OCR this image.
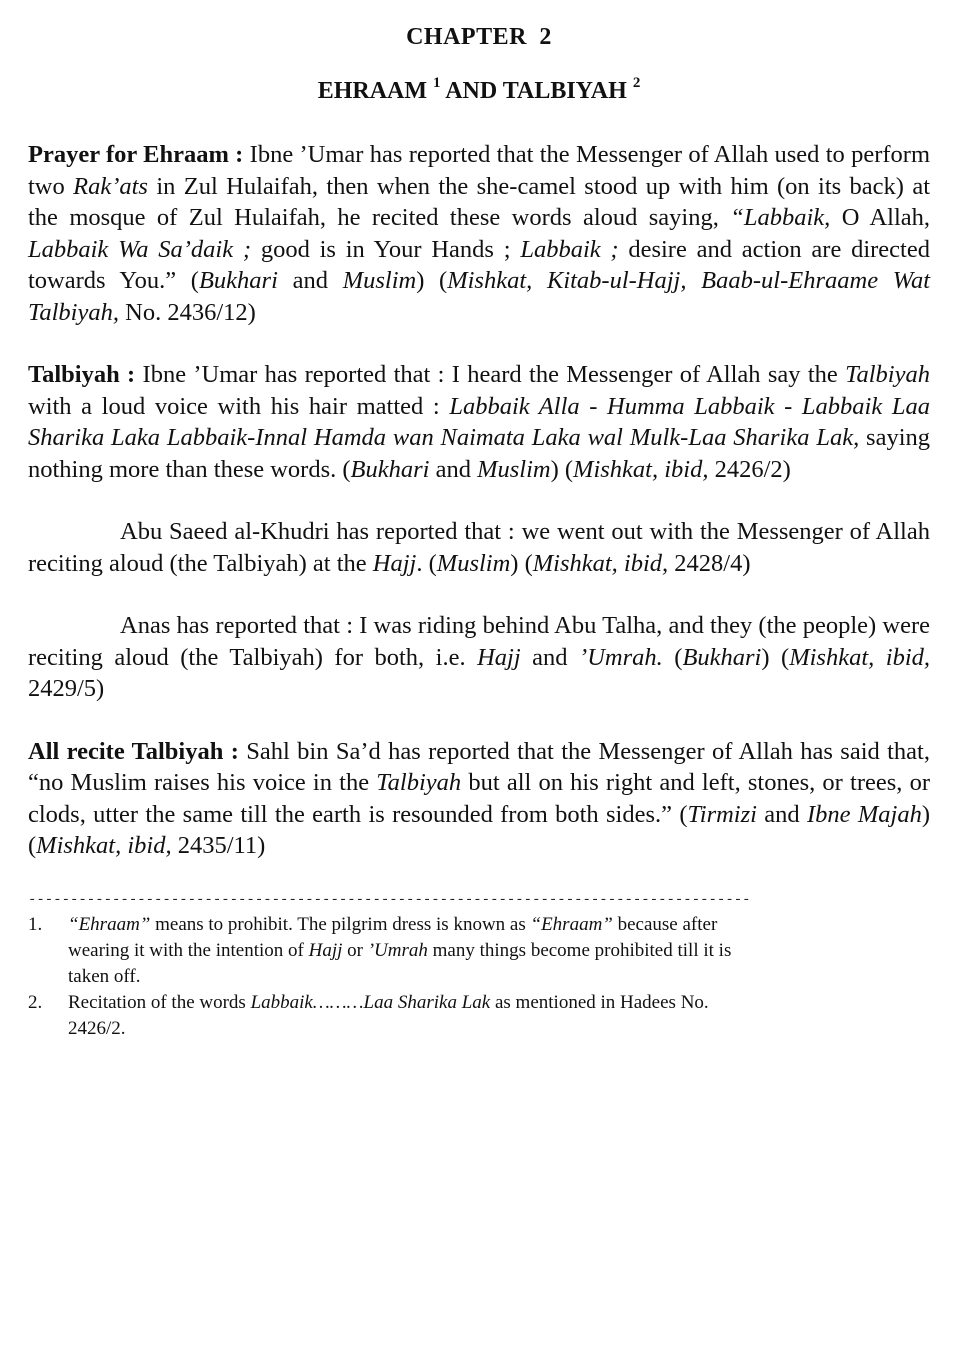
CHAPTER 2
EHRAAM $^1$ AND TALBIYAH $^2$

Prayer for Ehraam : Ibne ’Umar has reported that the Messenger of Allah used to perform two Rak’ats in Zul Hulaifah, then when the she-camel stood up with him (on its back) at the mosque of Zul Hulaifah, he recited these words aloud saying, “Labbaik, O Allah, Labbaik Wa Sa’daik ; good is in Your Hands ; Labbaik ; desire and action are directed towards You.” (Bukhari and Muslim) (Mishkat, Kitab-ul-Hajj, Baab-ul-Ehraame Wat Talbiyah, No. 2436/12)

Talbiyah : Ibne ’Umar has reported that : I heard the Messenger of Allah say the Talbiyah with a loud voice with his hair matted : Labbaik Alla - Humma Labbaik - Labbaik Laa Sharika Laka Labbaik-Innal Hamda wan Naimata Laka wal Mulk-Laa Sharika Lak, saying nothing more than these words. (Bukhari and Muslim) (Mishkat, ibid, 2426/2)

Abu Saeed al-Khudri has reported that : we went out with the Messenger of Allah reciting aloud (the Talbiyah) at the Hajj. (Muslim) (Mishkat, ibid, 2428/4)

Anas has reported that : I was riding behind Abu Talha, and they (the people) were reciting aloud (the Talbiyah) for both, i.e. Hajj and ’Umrah. (Bukhari) (Mishkat, ibid, 2429/5)

All recite Talbiyah : Sahl bin Sa’d has reported that the Messenger of Allah has said that, “no Muslim raises his voice in the Talbiyah but all on his right and left, stones, or trees, or clods, utter the same till the earth is resounded from both sides.” (Tirmizi and Ibne Majah) (Mishkat, ibid, 2435/11)

--------------------------------------------------------------------------------------
1.	“Ehraam” means to prohibit. The pilgrim dress is known as “Ehraam” because after wearing it with the intention of Hajj or ’Umrah many things become prohibited till it is taken off.
2.	Recitation of the words Labbaik………Laa Sharika Lak as mentioned in Hadees No. 2426/2.
